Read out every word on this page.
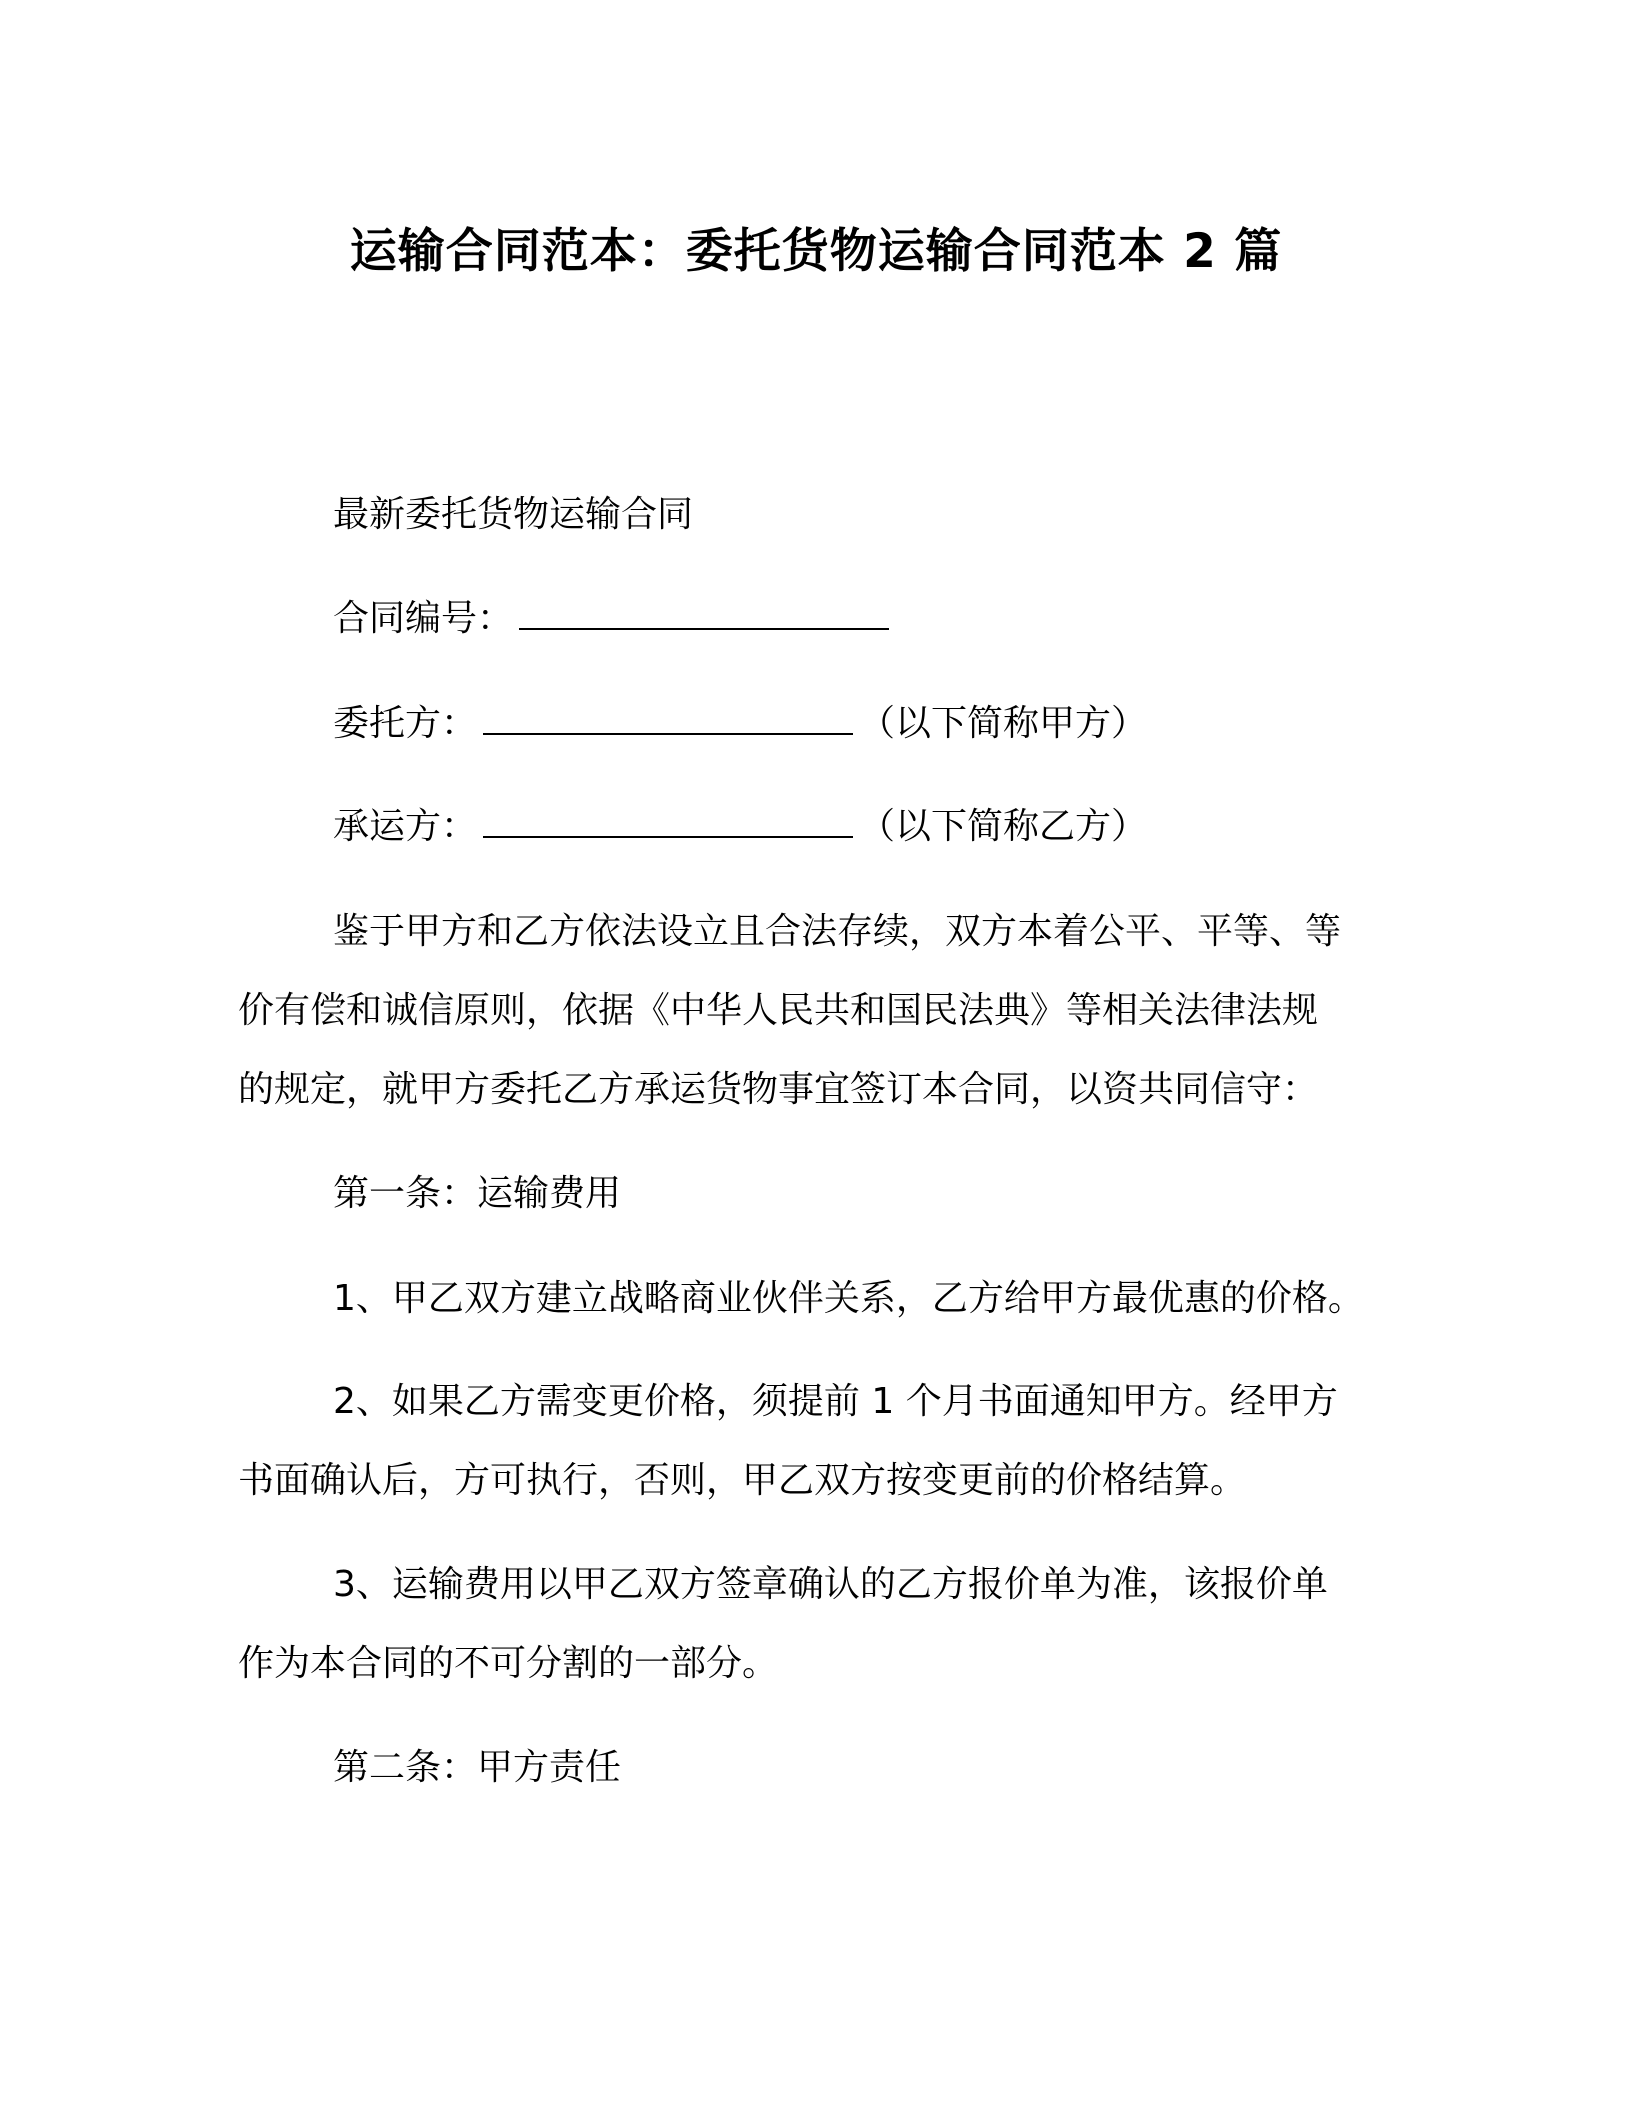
运输合同范本：委托货物运输合同范本 2 篇
最新委托货物运输合同
合同编号：
委托方：	（以下简称甲方）
承运方：	（以下简称乙方）
鉴于甲方和乙方依法设立且合法存续，双方本着公平、平等、等
价有偿和诚信原则，依据《中华人民共和国民法典》等相关法律法规
的规定，就甲方委托乙方承运货物事宜签订本合同，以资共同信守：
第一条：运输费用
1、甲乙双方建立战略商业伙伴关系，乙方给甲方最优惠的价格。
2、如果乙方需变更价格，须提前 1 个月书面通知甲方。经甲方
书面确认后，方可执行，否则，甲乙双方按变更前的价格结算。
3、运输费用以甲乙双方签章确认的乙方报价单为准，该报价单
作为本合同的不可分割的一部分。
第二条：甲方责任
